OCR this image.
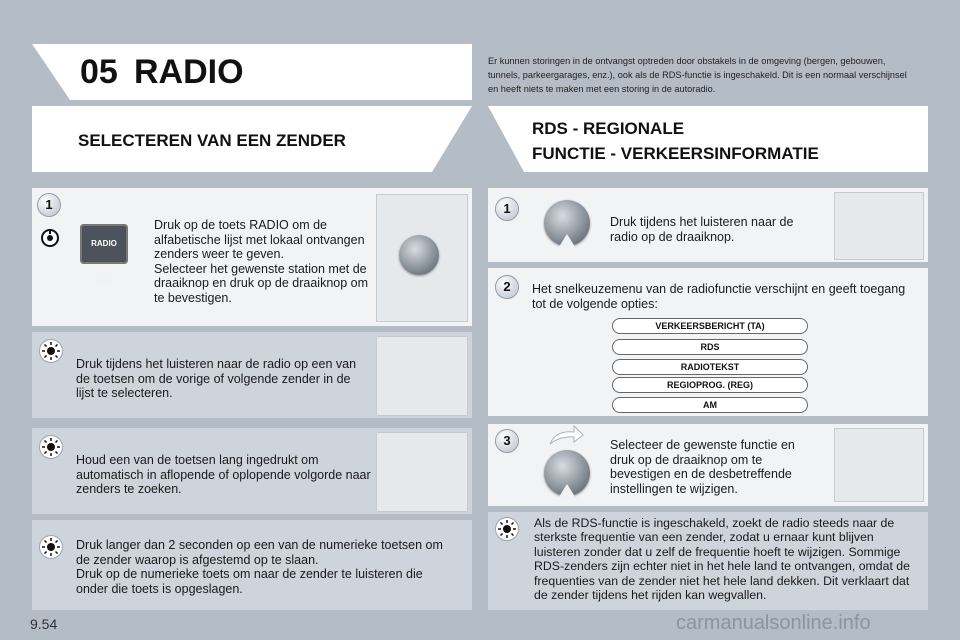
05 RADIO	Er kunnen storingen in de ontvangst optreden door obstakels in de omgeving (bergen, gebouwen, tunnels, parkeergarages, enz.), ook als de RDS-functie is ingeschakeld. Dit is een normaal verschijnsel en heeft niets te maken met een storing in de autoradio.
SELECTEREN VAN EEN ZENDER
RDS - REGIONALE
FUNCTIE - VERKEERSINFORMATIE
1
RADIO
Druk op de toets RADIO om de alfabetische lijst met lokaal ontvangen zenders weer te geven.
Selecteer het gewenste station met de draaiknop en druk op de draaiknop om te bevestigen.
Druk tijdens het luisteren naar de radio op een van de toetsen om de vorige of volgende zender in de lijst te selecteren.
Houd een van de toetsen lang ingedrukt om automatisch in aflopende of oplopende volgorde naar zenders te zoeken.
Druk langer dan 2 seconden op een van de numerieke toetsen om de zender waarop is afgestemd op te slaan.
Druk op de numerieke toets om naar de zender te luisteren die onder die toets is opgeslagen.
1
Druk tijdens het luisteren naar de radio op de draaiknop.
2	Het snelkeuzemenu van de radiofunctie verschijnt en geeft toegang tot de volgende opties:
VERKEERSBERICHT (TA)
RDS
RADIOTEKST
REGIOPROG. (REG)
AM
3	Selecteer de gewenste functie en druk op de draaiknop om te bevestigen en de desbetreffende instellingen te wijzigen.
Als de RDS-functie is ingeschakeld, zoekt de radio steeds naar de sterkste frequentie van een zender, zodat u ernaar kunt blijven luisteren zonder dat u zelf de frequentie hoeft te wijzigen. Sommige RDS-zenders zijn echter niet in het hele land te ontvangen, omdat de frequenties van de zender niet het hele land dekken. Dit verklaart dat de zender tijdens het rijden kan wegvallen.
9.54	carmanualsonline.info
